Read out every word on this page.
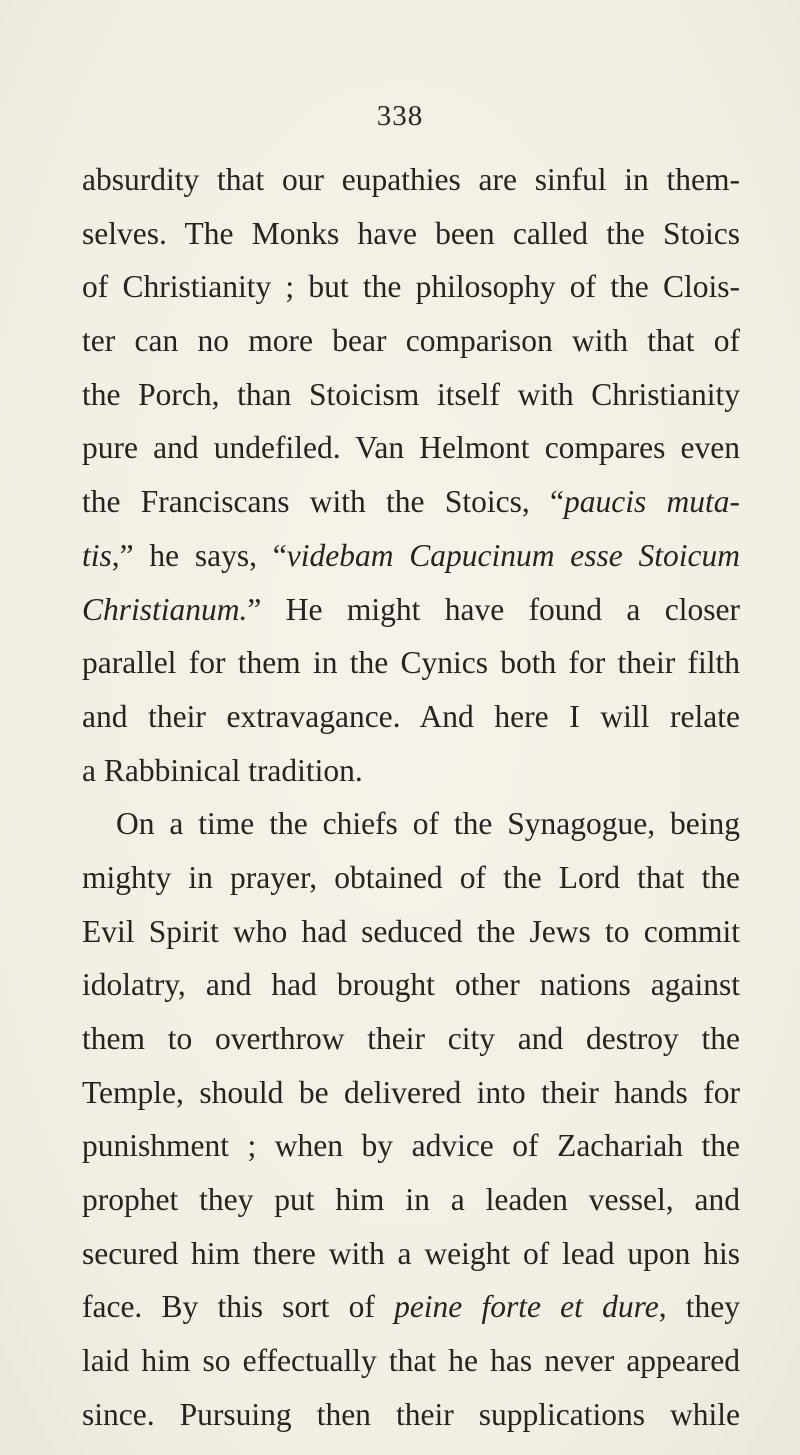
338
absurdity that our eupathies are sinful in them-
selves. The Monks have been called the Stoics
of Christianity ; but the philosophy of the Clois-
ter can no more bear comparison with that of
the Porch, than Stoicism itself with Christianity
pure and undefiled. Van Helmont compares even
the Franciscans with the Stoics, “paucis muta-
tis,” he says, “videbam Capucinum esse Stoicum
Christianum.” He might have found a closer
parallel for them in the Cynics both for their filth
and their extravagance. And here I will relate
a Rabbinical tradition.
On a time the chiefs of the Synagogue, being
mighty in prayer, obtained of the Lord that the
Evil Spirit who had seduced the Jews to commit
idolatry, and had brought other nations against
them to overthrow their city and destroy the
Temple, should be delivered into their hands for
punishment ; when by advice of Zachariah the
prophet they put him in a leaden vessel, and
secured him there with a weight of lead upon his
face. By this sort of peine forte et dure, they
laid him so effectually that he has never appeared
since. Pursuing then their supplications while
